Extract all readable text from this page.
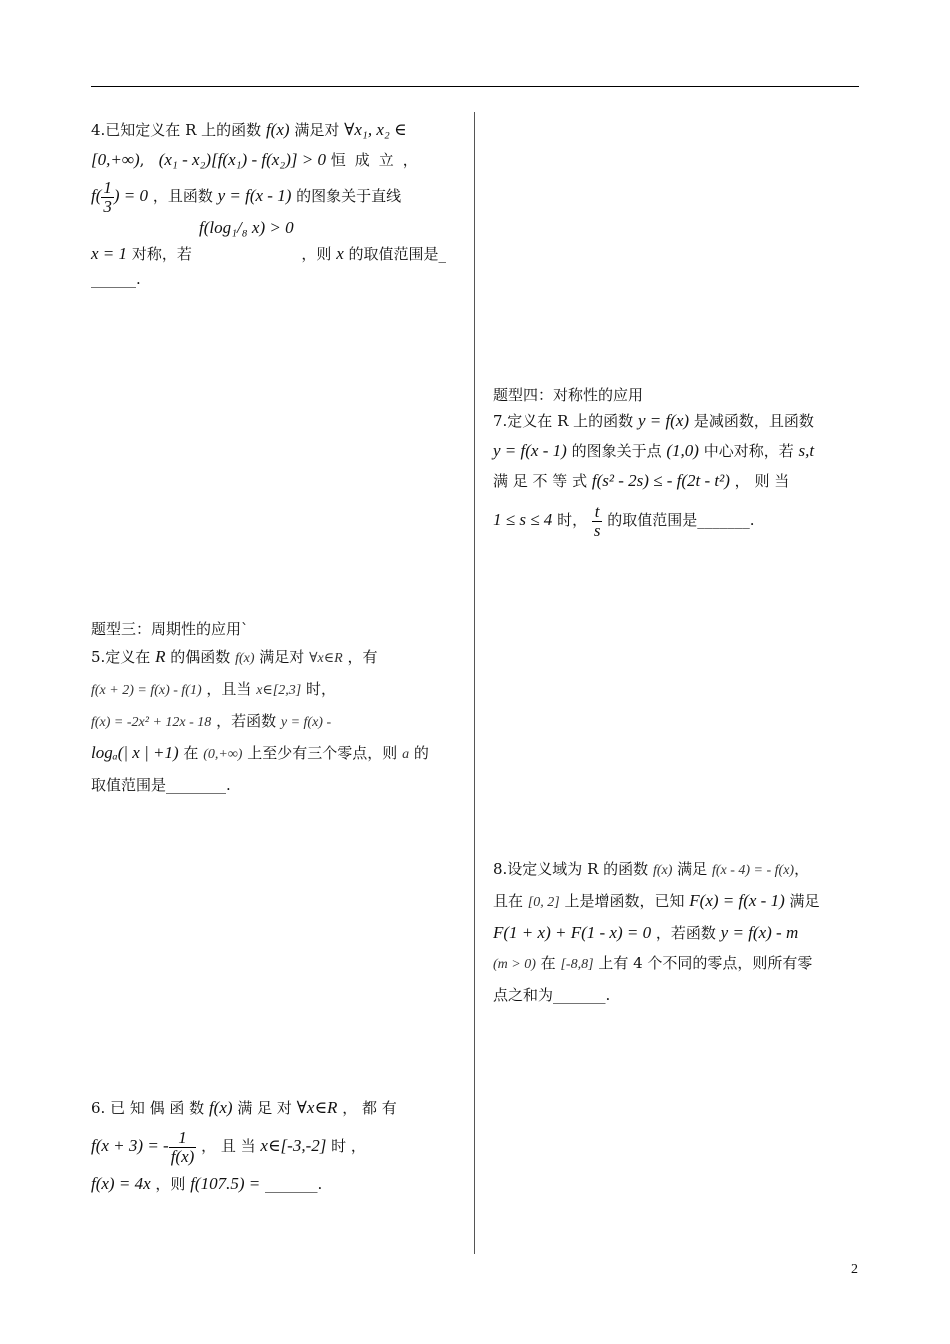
4.已知定义在 R 上的函数 f(x) 满足对 ∀x₁, x₂ ∈

[0,+∞),   (x₁ - x₂)[f(x₁) - f(x₂)] > 0 恒成立，

$f( \frac{1}{3}$ ) = 0 ，且函数 y = f(x - 1) 的图象关于直线

f(log₁/₈ x) > 0

x = 1 对称，若	，则 x 的取值范围是_

______.

题型三：周期性的应用`

5.定义在 R 的偶函数 f(x) 满足对 ∀x∈R ，有

f(x + 2) = f(x) - f(1) ，且当 x∈[2,3] 时，

f(x) = -2x² + 12x - 18 ，若函数 y = f(x) -

logₐ(| x | +1) 在 (0,+∞) 上至少有三个零点，则 a 的

取值范围是________.

6. 已 知 偶 函 数 f(x) 满 足 对 ∀x∈R ， 都 有

f(x + 3) = - $\frac{1}{f(x)}$ ， 且 当 x∈[-3,-2] 时 ，

f(x) = 4x ，则 f(107.5) = _______.

题型四：对称性的应用

7.定义在 R 上的函数 y = f(x) 是减函数，且函数

y = f(x - 1) 的图象关于点 (1,0) 中心对称，若 s,t

满 足 不 等 式 f(s² - 2s) ≤ - f(2t - t²) ， 则 当

1 ≤ s ≤ 4 时， $\frac{t}{s}$ 的取值范围是_______.

8.设定义域为 R 的函数 f(x) 满足 f(x - 4) = - f(x)，

且在 [0, 2] 上是增函数，已知 F(x) = f(x - 1) 满足

F(1 + x) + F(1 - x) = 0 ，若函数 y = f(x) - m

(m > 0) 在 [-8,8] 上有 4 个不同的零点，则所有零

点之和为_______.

2
